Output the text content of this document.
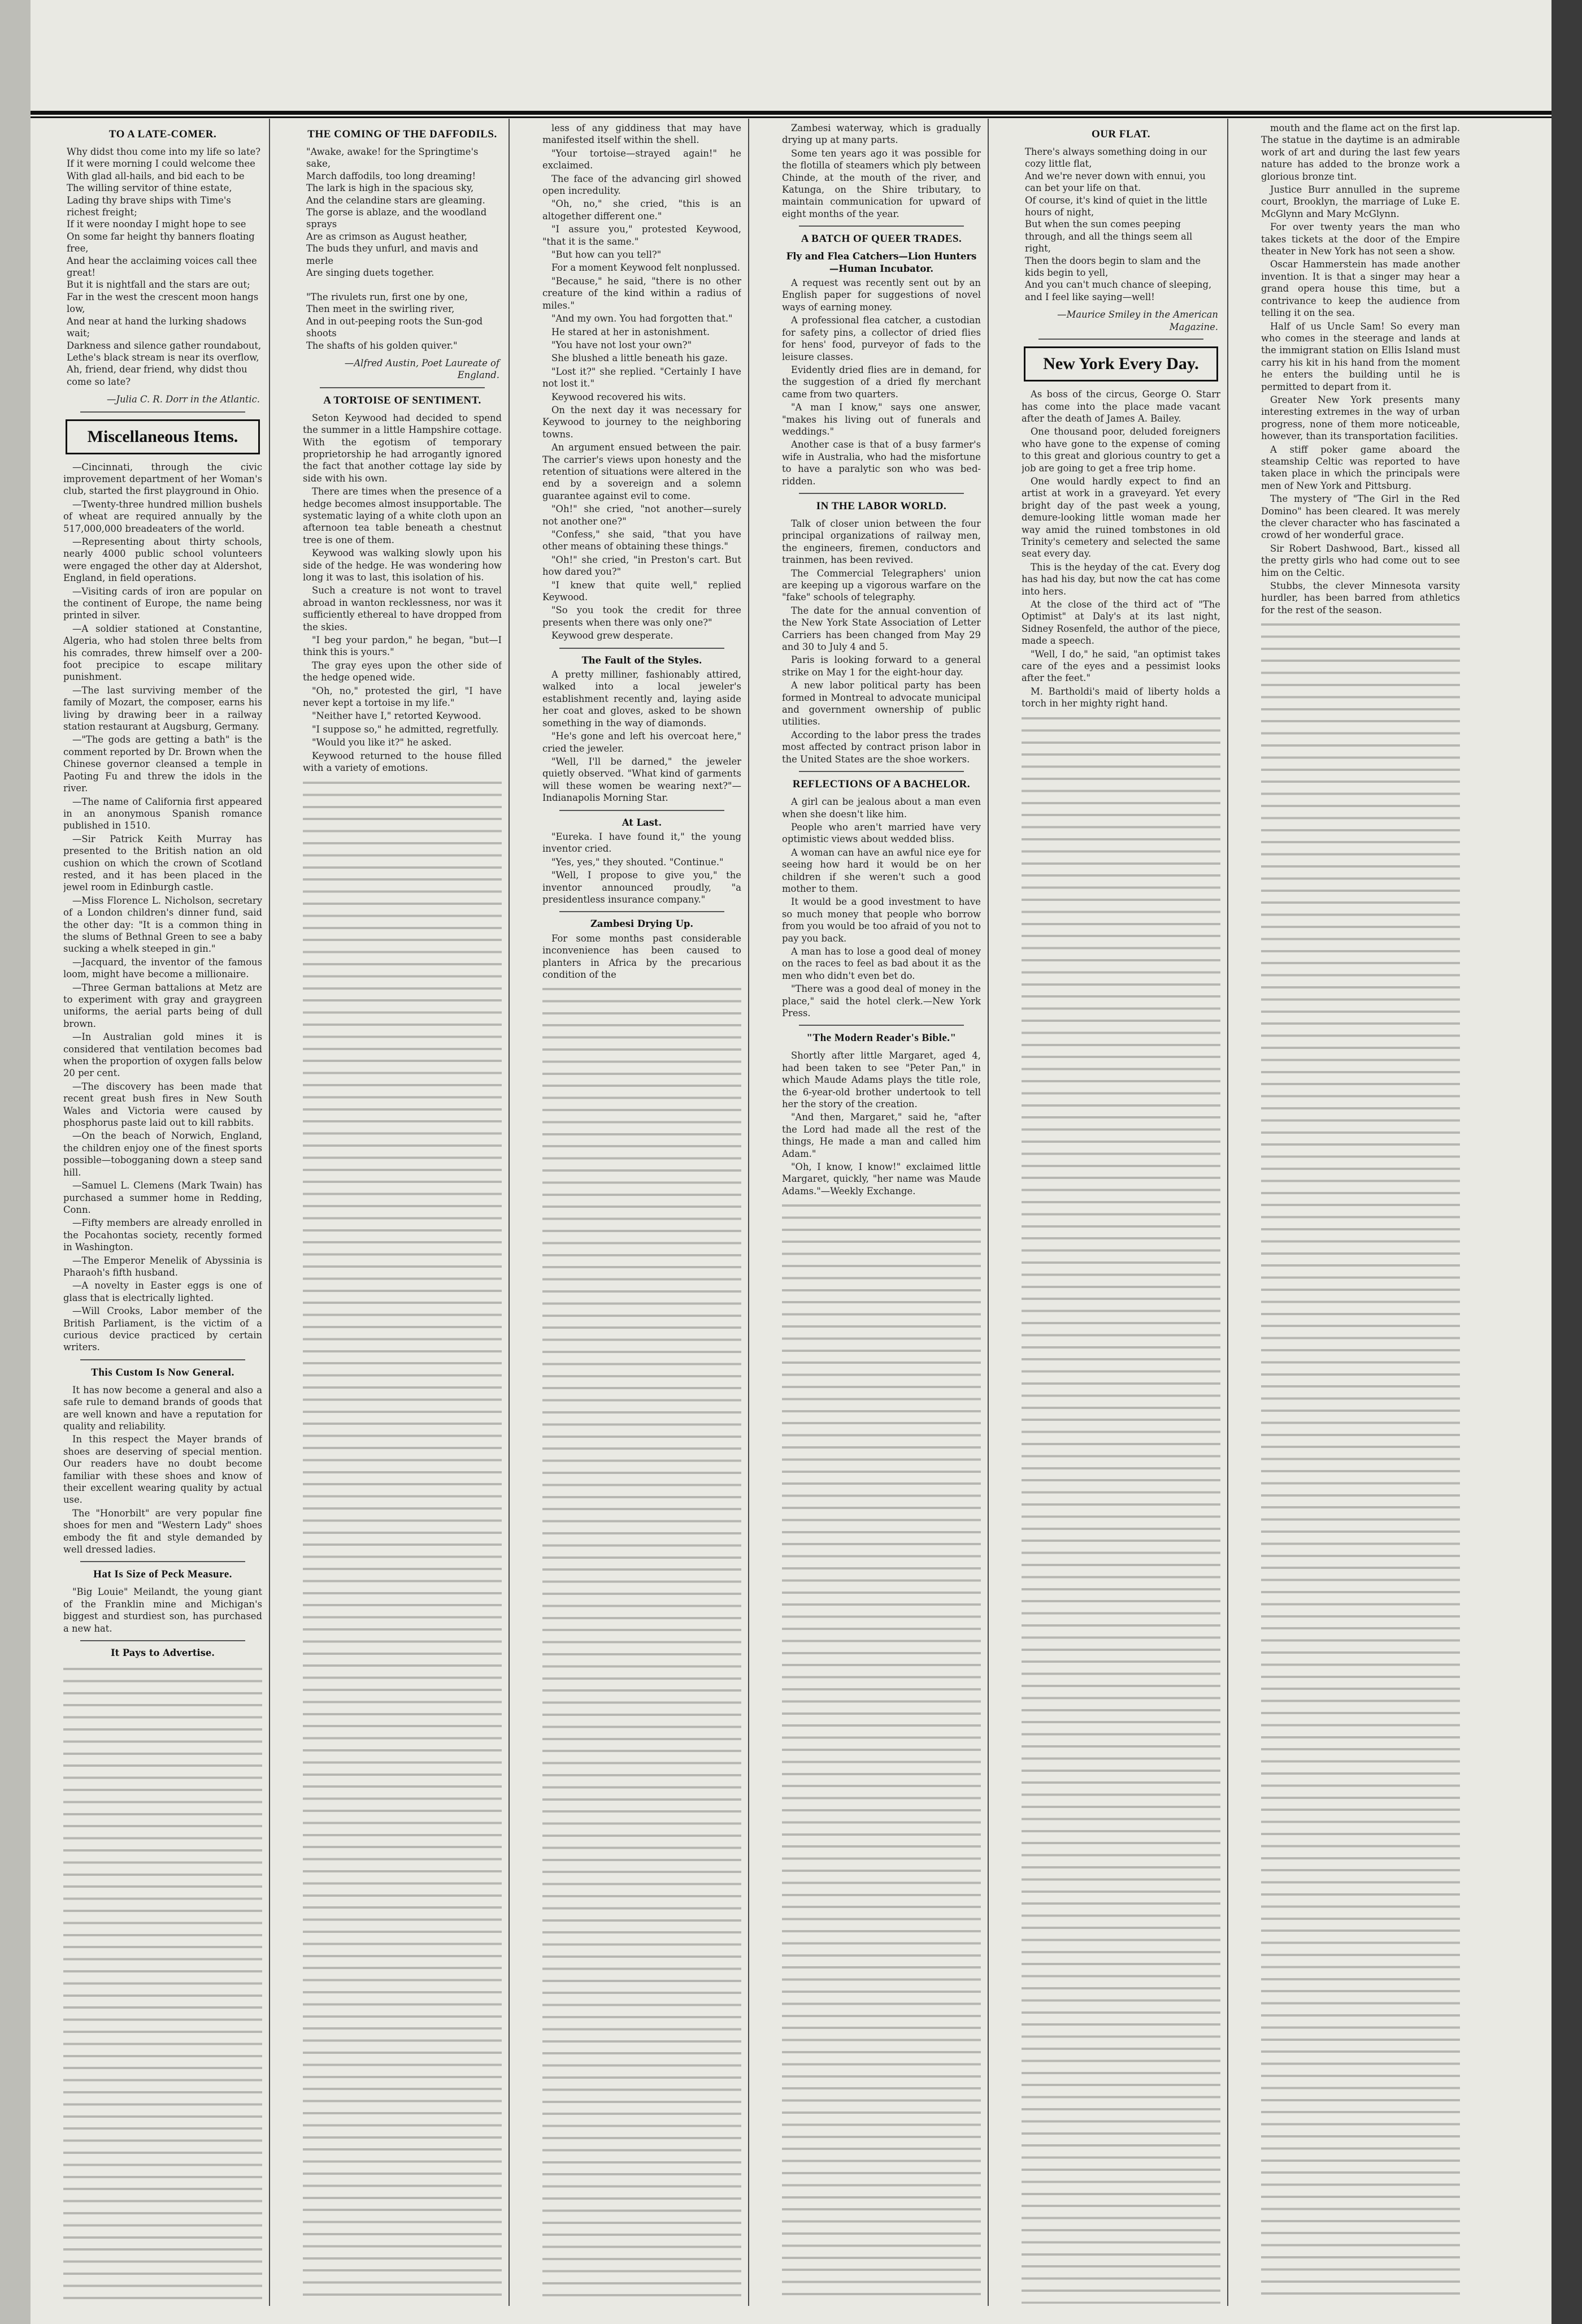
TO A LATE-COMER.
Why didst thou come into my life so late?
If it were morning I could welcome thee
With glad all-hails, and bid each to be
The willing servitor of thine estate,
Lading thy brave ships with Time's richest freight;
If it were noonday I might hope to see
On some far height thy banners floating free,
And hear the acclaiming voices call thee great!
But it is nightfall and the stars are out;
Far in the west the crescent moon hangs low,
And near at hand the lurking shadows wait;
Darkness and silence gather roundabout,
Lethe's black stream is near its overflow,
Ah, friend, dear friend, why didst thou come so late?
—Julia C. R. Dorr in the Atlantic.
Miscellaneous Items.

—Cincinnati, through the civic improvement department of her Woman's club, started the first playground in Ohio.

—Twenty-three hundred million bushels of wheat are required annually by the 517,000,000 breadeaters of the world.

—Representing about thirty schools, nearly 4000 public school volunteers were engaged the other day at Aldershot, England, in field operations.

—Visiting cards of iron are popular on the continent of Europe, the name being printed in silver.

—A soldier stationed at Constantine, Algeria, who had stolen three belts from his comrades, threw himself over a 200-foot precipice to escape military punishment.

—The last surviving member of the family of Mozart, the composer, earns his living by drawing beer in a railway station restaurant at Augsburg, Germany.

—"The gods are getting a bath" is the comment reported by Dr. Brown when the Chinese governor cleansed a temple in Paoting Fu and threw the idols in the river.

—The name of California first appeared in an anonymous Spanish romance published in 1510.

—Sir Patrick Keith Murray has presented to the British nation an old cushion on which the crown of Scotland rested, and it has been placed in the jewel room in Edinburgh castle.

—Miss Florence L. Nicholson, secretary of a London children's dinner fund, said the other day: "It is a common thing in the slums of Bethnal Green to see a baby sucking a whelk steeped in gin."

—Jacquard, the inventor of the famous loom, might have become a millionaire.

—Three German battalions at Metz are to experiment with gray and graygreen uniforms, the aerial parts being of dull brown.

—In Australian gold mines it is considered that ventilation becomes bad when the proportion of oxygen falls below 20 per cent.

—The discovery has been made that recent great bush fires in New South Wales and Victoria were caused by phosphorus paste laid out to kill rabbits.

—On the beach of Norwich, England, the children enjoy one of the finest sports possible—tobogganing down a steep sand hill.

—Samuel L. Clemens (Mark Twain) has purchased a summer home in Redding, Conn.

—Fifty members are already enrolled in the Pocahontas society, recently formed in Washington.

—The Emperor Menelik of Abyssinia is Pharaoh's fifth husband.

—A novelty in Easter eggs is one of glass that is electrically lighted.

—Will Crooks, Labor member of the British Parliament, is the victim of a curious device practiced by certain writers.

This Custom Is Now General.

It has now become a general and also a safe rule to demand brands of goods that are well known and have a reputation for quality and reliability.

In this respect the Mayer brands of shoes are deserving of special mention. Our readers have no doubt become familiar with these shoes and know of their excellent wearing quality by actual use.

The "Honorbilt" are very popular fine shoes for men and "Western Lady" shoes embody the fit and style demanded by well dressed ladies.

Hat Is Size of Peck Measure.

"Big Louie" Meilandt, the young giant of the Franklin mine and Michigan's biggest and sturdiest son, has purchased a new hat.

It Pays to Advertise.
THE COMING OF THE DAFFODILS.
"Awake, awake! for the Springtime's sake,
March daffodils, too long dreaming!
The lark is high in the spacious sky,
And the celandine stars are gleaming.
The gorse is ablaze, and the woodland sprays
Are as crimson as August heather,
The buds they unfurl, and mavis and merle
Are singing duets together.

"The rivulets run, first one by one,
Then meet in the swirling river,
And in out-peeping roots the Sun-god shoots
The shafts of his golden quiver."
—Alfred Austin, Poet Laureate of England.
A TORTOISE OF SENTIMENT.

Seton Keywood had decided to spend the summer in a little Hampshire cottage. With the egotism of temporary proprietorship he had arrogantly ignored the fact that another cottage lay side by side with his own.

There are times when the presence of a hedge becomes almost insupportable. The systematic laying of a white cloth upon an afternoon tea table beneath a chestnut tree is one of them.

Keywood was walking slowly upon his side of the hedge. He was wondering how long it was to last, this isolation of his.

Such a creature is not wont to travel abroad in wanton recklessness, nor was it sufficiently ethereal to have dropped from the skies.

"I beg your pardon," he began, "but—I think this is yours."

The gray eyes upon the other side of the hedge opened wide.

"Oh, no," protested the girl, "I have never kept a tortoise in my life."

"Neither have I," retorted Keywood.

"I suppose so," he admitted, regretfully.

"Would you like it?" he asked.

Keywood returned to the house filled with a variety of emotions.

less of any giddiness that may have manifested itself within the shell.

"Your tortoise—strayed again!" he exclaimed.

The face of the advancing girl showed open incredulity.

"Oh, no," she cried, "this is an altogether different one."

"I assure you," protested Keywood, "that it is the same."

"But how can you tell?"

For a moment Keywood felt nonplussed.

"Because," he said, "there is no other creature of the kind within a radius of miles."

"And my own. You had forgotten that."

He stared at her in astonishment.

"You have not lost your own?"

She blushed a little beneath his gaze.

"Lost it?" she replied. "Certainly I have not lost it."

Keywood recovered his wits.

On the next day it was necessary for Keywood to journey to the neighboring towns.

An argument ensued between the pair. The carrier's views upon honesty and the retention of situations were altered in the end by a sovereign and a solemn guarantee against evil to come.

"Oh!" she cried, "not another—surely not another one?"

"Confess," she said, "that you have other means of obtaining these things."

"Oh!" she cried, "in Preston's cart. But how dared you?"

"I knew that quite well," replied Keywood.

"So you took the credit for three presents when there was only one?"

Keywood grew desperate.

The Fault of the Styles.

A pretty milliner, fashionably attired, walked into a local jeweler's establishment recently and, laying aside her coat and gloves, asked to be shown something in the way of diamonds.

"He's gone and left his overcoat here," cried the jeweler.

"Well, I'll be darned," the jeweler quietly observed. "What kind of garments will these women be wearing next?"—Indianapolis Morning Star.

At Last.

"Eureka. I have found it," the young inventor cried.

"Yes, yes," they shouted. "Continue."

"Well, I propose to give you," the inventor announced proudly, "a presidentless insurance company."

Zambesi Drying Up.

For some months past considerable inconvenience has been caused to planters in Africa by the precarious condition of the

Zambesi waterway, which is gradually drying up at many parts.

Some ten years ago it was possible for the flotilla of steamers which ply between Chinde, at the mouth of the river, and Katunga, on the Shire tributary, to maintain communication for upward of eight months of the year.

A BATCH OF QUEER TRADES.
Fly and Flea Catchers—Lion Hunters—Human Incubator.

A request was recently sent out by an English paper for suggestions of novel ways of earning money.

A professional flea catcher, a custodian for safety pins, a collector of dried flies for hens' food, purveyor of fads to the leisure classes.

Evidently dried flies are in demand, for the suggestion of a dried fly merchant came from two quarters.

"A man I know," says one answer, "makes his living out of funerals and weddings."

Another case is that of a busy farmer's wife in Australia, who had the misfortune to have a paralytic son who was bed-ridden.

IN THE LABOR WORLD.

Talk of closer union between the four principal organizations of railway men, the engineers, firemen, conductors and trainmen, has been revived.

The Commercial Telegraphers' union are keeping up a vigorous warfare on the "fake" schools of telegraphy.

The date for the annual convention of the New York State Association of Letter Carriers has been changed from May 29 and 30 to July 4 and 5.

Paris is looking forward to a general strike on May 1 for the eight-hour day.

A new labor political party has been formed in Montreal to advocate municipal and government ownership of public utilities.

According to the labor press the trades most affected by contract prison labor in the United States are the shoe workers.

REFLECTIONS OF A BACHELOR.

A girl can be jealous about a man even when she doesn't like him.

People who aren't married have very optimistic views about wedded bliss.

A woman can have an awful nice eye for seeing how hard it would be on her children if she weren't such a good mother to them.

It would be a good investment to have so much money that people who borrow from you would be too afraid of you not to pay you back.

A man has to lose a good deal of money on the races to feel as bad about it as the men who didn't even bet do.

"There was a good deal of money in the place," said the hotel clerk.—New York Press.

"The Modern Reader's Bible."

Shortly after little Margaret, aged 4, had been taken to see "Peter Pan," in which Maude Adams plays the title role, the 6-year-old brother undertook to tell her the story of the creation.

"And then, Margaret," said he, "after the Lord had made all the rest of the things, He made a man and called him Adam."

"Oh, I know, I know!" exclaimed little Margaret, quickly, "her name was Maude Adams."—Weekly Exchange.

OUR FLAT.
There's always something doing in our cozy little flat,
And we're never down with ennui, you can bet your life on that.
Of course, it's kind of quiet in the little hours of night,
But when the sun comes peeping through, and all the things seem all right,
Then the doors begin to slam and the kids begin to yell,
And you can't much chance of sleeping, and I feel like saying—well!
—Maurice Smiley in the American Magazine.
New York Every Day.

As boss of the circus, George O. Starr has come into the place made vacant after the death of James A. Bailey.

One thousand poor, deluded foreigners who have gone to the expense of coming to this great and glorious country to get a job are going to get a free trip home.

One would hardly expect to find an artist at work in a graveyard. Yet every bright day of the past week a young, demure-looking little woman made her way amid the ruined tombstones in old Trinity's cemetery and selected the same seat every day.

This is the heyday of the cat. Every dog has had his day, but now the cat has come into hers.

At the close of the third act of "The Optimist" at Daly's at its last night, Sidney Rosenfeld, the author of the piece, made a speech.

"Well, I do," he said, "an optimist takes care of the eyes and a pessimist looks after the feet."

M. Bartholdi's maid of liberty holds a torch in her mighty right hand.

mouth and the flame act on the first lap. The statue in the daytime is an admirable work of art and during the last few years nature has added to the bronze work a glorious bronze tint.

Justice Burr annulled in the supreme court, Brooklyn, the marriage of Luke E. McGlynn and Mary McGlynn.

For over twenty years the man who takes tickets at the door of the Empire theater in New York has not seen a show.

Oscar Hammerstein has made another invention. It is that a singer may hear a grand opera house this time, but a contrivance to keep the audience from telling it on the sea.

Half of us Uncle Sam! So every man who comes in the steerage and lands at the immigrant station on Ellis Island must carry his kit in his hand from the moment he enters the building until he is permitted to depart from it.

Greater New York presents many interesting extremes in the way of urban progress, none of them more noticeable, however, than its transportation facilities.

A stiff poker game aboard the steamship Celtic was reported to have taken place in which the principals were men of New York and Pittsburg.

The mystery of "The Girl in the Red Domino" has been cleared. It was merely the clever character who has fascinated a crowd of her wonderful grace.

Sir Robert Dashwood, Bart., kissed all the pretty girls who had come out to see him on the Celtic.

Stubbs, the clever Minnesota varsity hurdler, has been barred from athletics for the rest of the season.
